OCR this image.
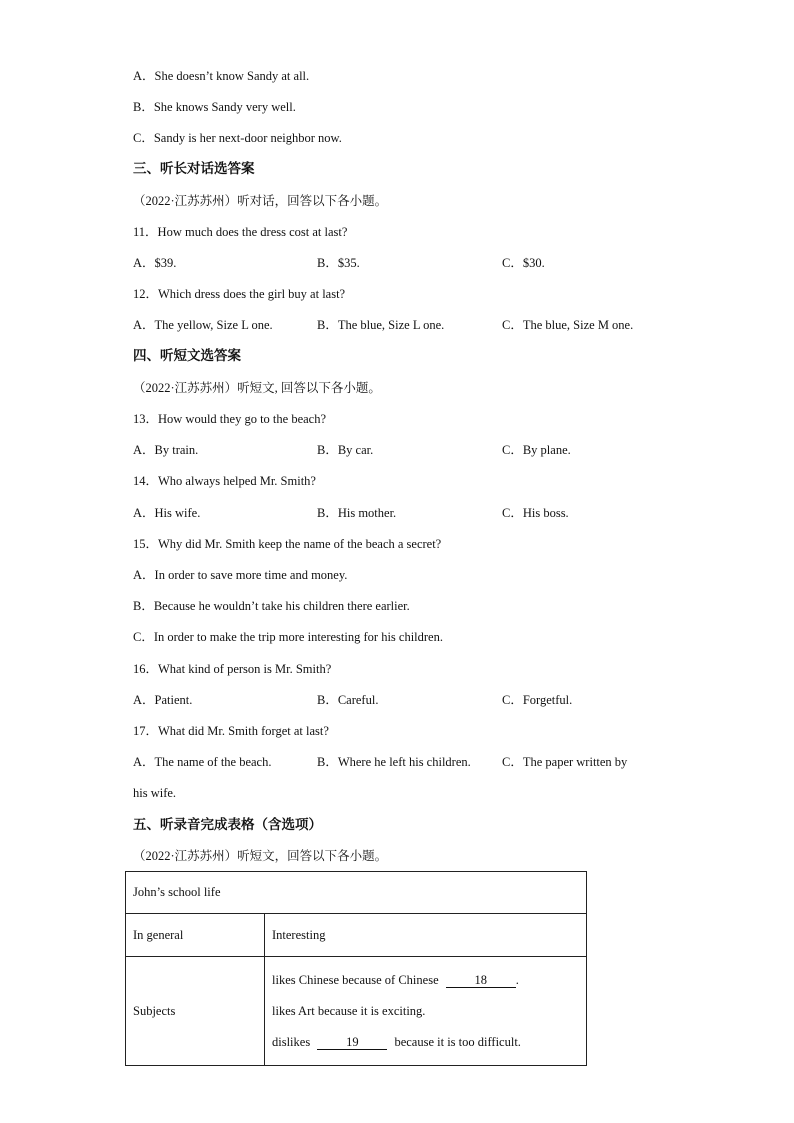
A．She doesn’t know Sandy at all.
B．She knows Sandy very well.
C．Sandy is her next-door neighbor now.
三、听长对话选答案
（2022·江苏苏州）听对话，回答以下各小题。
11．How much does the dress cost at last?
A．$39.	B．$35.	C．$30.
12．Which dress does the girl buy at last?
A．The yellow, Size L one.	B．The blue, Size L one.	C．The blue, Size M one.
四、听短文选答案
（2022·江苏苏州）听短文, 回答以下各小题。
13．How would they go to the beach?
A．By train.	B．By car.	C．By plane.
14．Who always helped Mr. Smith?
A．His wife.	B．His mother.	C．His boss.
15．Why did Mr. Smith keep the name of the beach a secret?
A．In order to save more time and money.
B．Because he wouldn’t take his children there earlier.
C．In order to make the trip more interesting for his children.
16．What kind of person is Mr. Smith?
A．Patient.	B．Careful.	C．Forgetful.
17．What did Mr. Smith forget at last?
A．The name of the beach.	B．Where he left his children. C．The paper written by
his wife.
五、听录音完成表格（含选项）
（2022·江苏苏州）听短文，回答以下各小题。
John’s school life	
In general	Interesting
Subjects	likes Chinese because of Chinese 18 .
likes Art because it is exciting.
dislikes 19 because it is too difficult.
